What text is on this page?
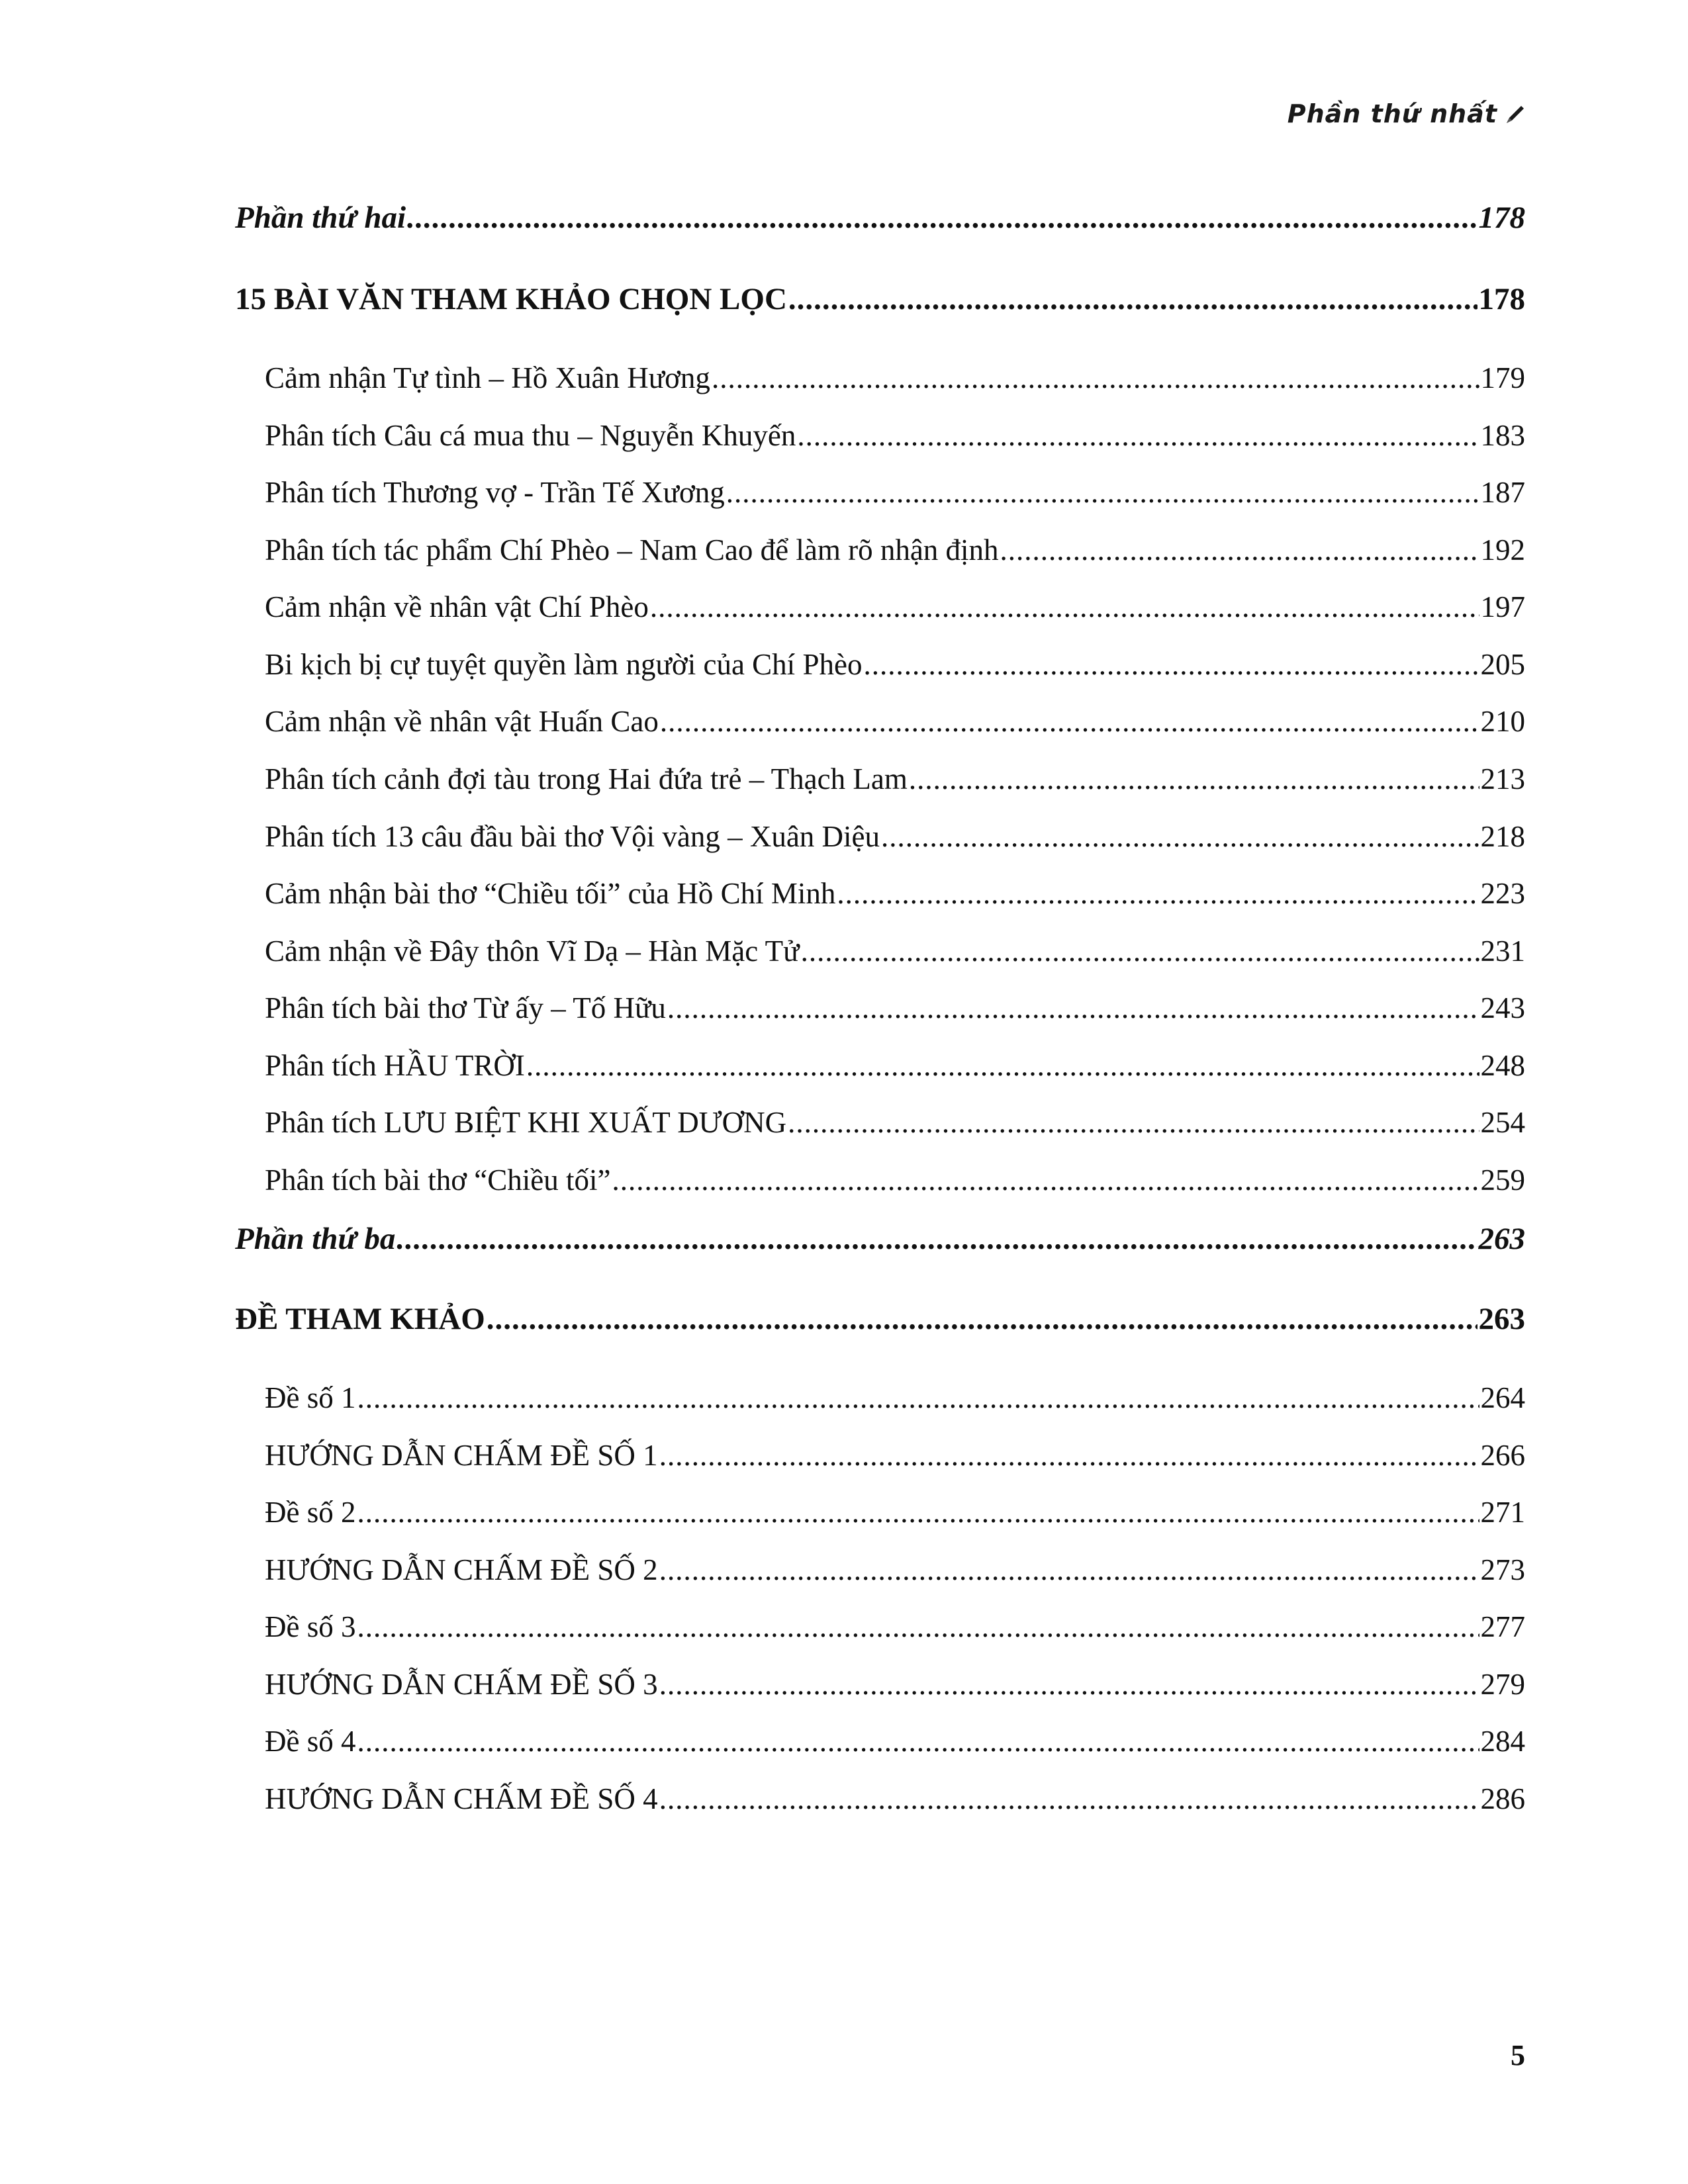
Phần thứ nhất
Phần thứ hai .....	178
15 BÀI VĂN THAM KHẢO CHỌN LỌC .....	178
Cảm nhận Tự tình – Hồ Xuân Hương .....	179
Phân tích Câu cá mua thu – Nguyễn Khuyến .....	183
Phân tích Thương vợ - Trần Tế Xương .....	187
Phân tích tác phẩm Chí Phèo – Nam Cao để làm rõ nhận định .....	192
Cảm nhận về nhân vật Chí Phèo .....	197
Bi kịch bị cự tuyệt quyền làm người của Chí Phèo .....	205
Cảm nhận về nhân vật Huấn Cao .....	210
Phân tích cảnh đợi tàu trong Hai đứa trẻ – Thạch Lam .....	213
Phân tích 13 câu đầu bài thơ Vội vàng – Xuân Diệu .....	218
Cảm nhận bài thơ “Chiều tối” của Hồ Chí Minh .....	223
Cảm nhận về Đây thôn Vĩ Dạ – Hàn Mặc Tử .....	231
Phân tích bài thơ Từ ấy – Tố Hữu .....	243
Phân tích HẦU TRỜI .....	248
Phân tích LƯU BIỆT KHI XUẤT DƯƠNG .....	254
Phân tích bài thơ “Chiều tối” .....	259
Phần thứ ba .....	263
ĐỀ THAM KHẢO .....	263
Đề số 1 .....	264
HƯỚNG DẪN CHẤM ĐỀ SỐ 1 .....	266
Đề số 2 .....	271
HƯỚNG DẪN CHẤM ĐỀ SỐ 2 .....	273
Đề số 3 .....	277
HƯỚNG DẪN CHẤM ĐỀ SỐ 3 .....	279
Đề số 4 .....	284
HƯỚNG DẪN CHẤM ĐỀ SỐ 4 .....	286
5
